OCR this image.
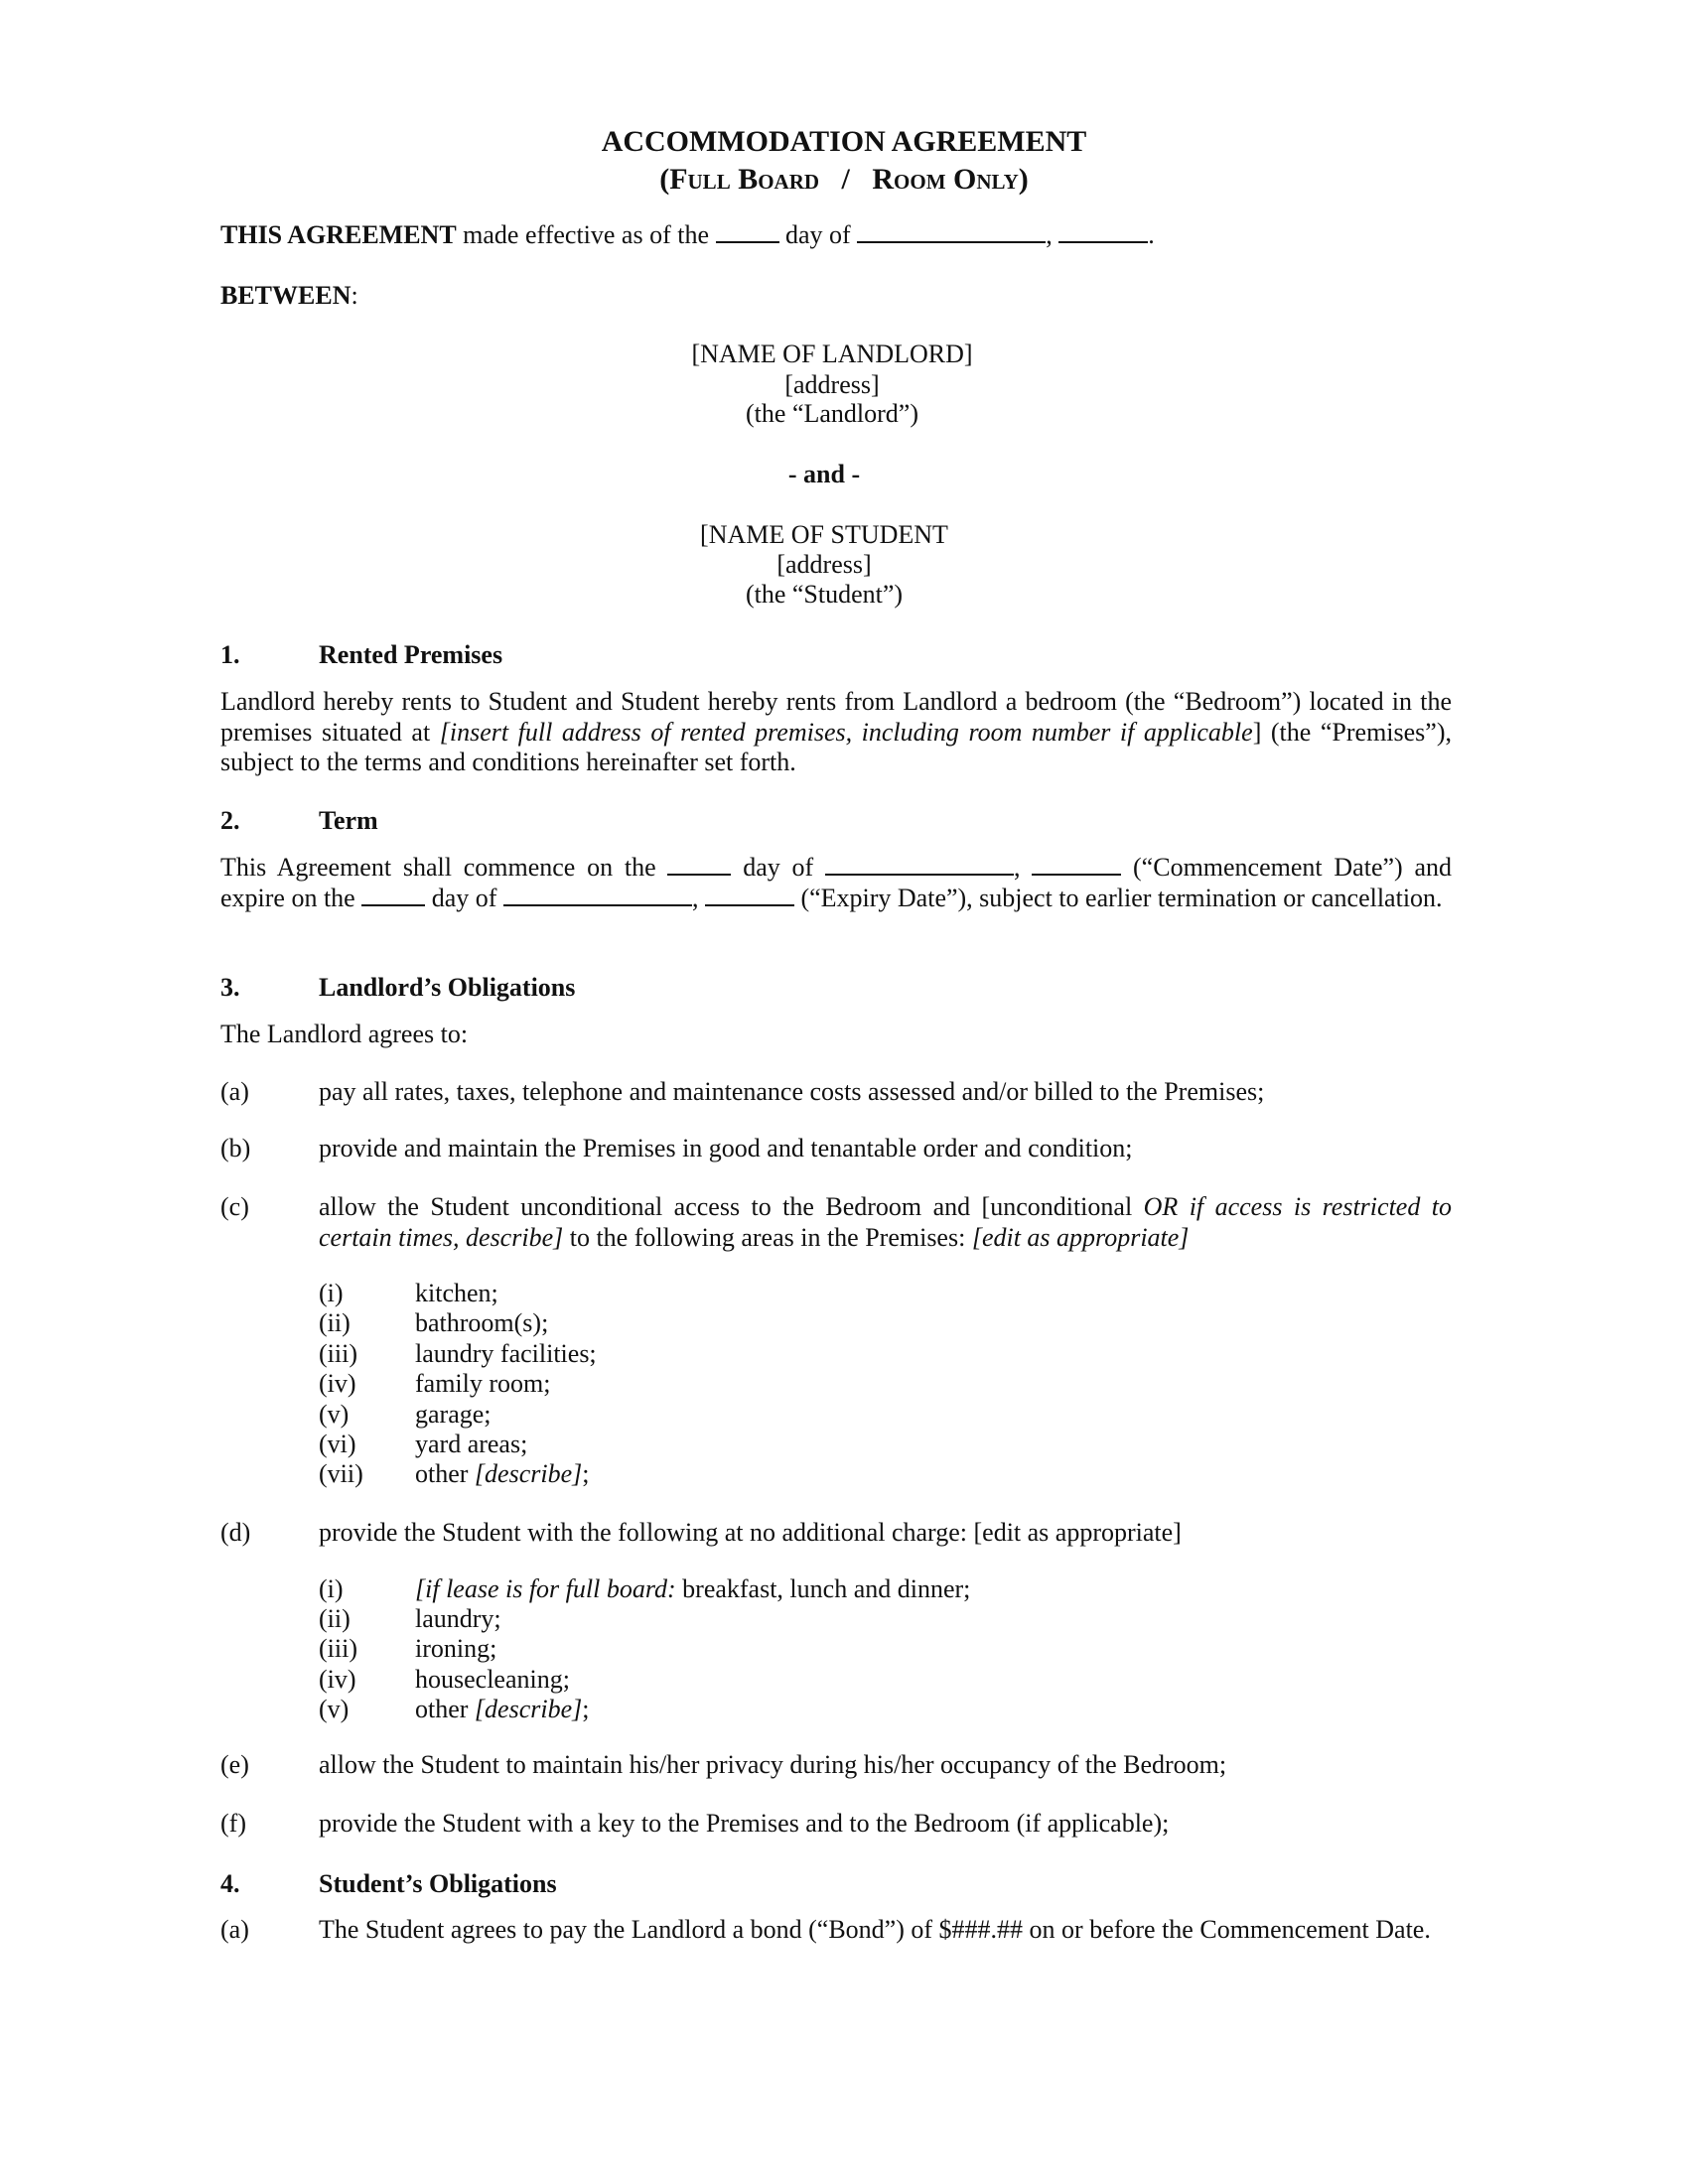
ACCOMMODATION AGREEMENT
(Full Board / Room Only)
THIS AGREEMENT made effective as of the  day of	,	.
BETWEEN:
[NAME OF LANDLORD]
[address]
(the “Landlord”)
- and -
[NAME OF STUDENT
[address]
(the “Student”)
1.	Rented Premises
Landlord hereby rents to Student and Student hereby rents from Landlord a bedroom (the “Bedroom”) located in the premises situated at [insert full address of rented premises, including room number if applicable] (the “Premises”), subject to the terms and conditions hereinafter set forth.
2.	Term
This Agreement shall commence on the  day of	,	(“Commencement Date”) and expire on the  day of	,	(“Expiry Date”), subject to earlier termination or cancellation.
3.	Landlord’s Obligations
The Landlord agrees to:
(a)	pay all rates, taxes, telephone and maintenance costs assessed and/or billed to the Premises;
(b)	provide and maintain the Premises in good and tenantable order and condition;
(c)	allow the Student unconditional access to the Bedroom and [unconditional OR if access is restricted to certain times, describe] to the following areas in the Premises: [edit as appropriate]
(i)	kitchen;
(ii)	bathroom(s);
(iii) laundry facilities;
(iv) family room;
(v)	garage;
(vi) yard areas;
(vii) other [describe];
(d)	provide the Student with the following at no additional charge: [edit as appropriate]
(i)	[if lease is for full board: breakfast, lunch and dinner;
(ii)	laundry;
(iii) ironing;
(iv) housecleaning;
(v)	other [describe];
(e)	allow the Student to maintain his/her privacy during his/her occupancy of the Bedroom;
(f)	provide the Student with a key to the Premises and to the Bedroom (if applicable);
4.	Student’s Obligations
(a)	The Student agrees to pay the Landlord a bond (“Bond”) of $###.## on or before the Commencement Date.
